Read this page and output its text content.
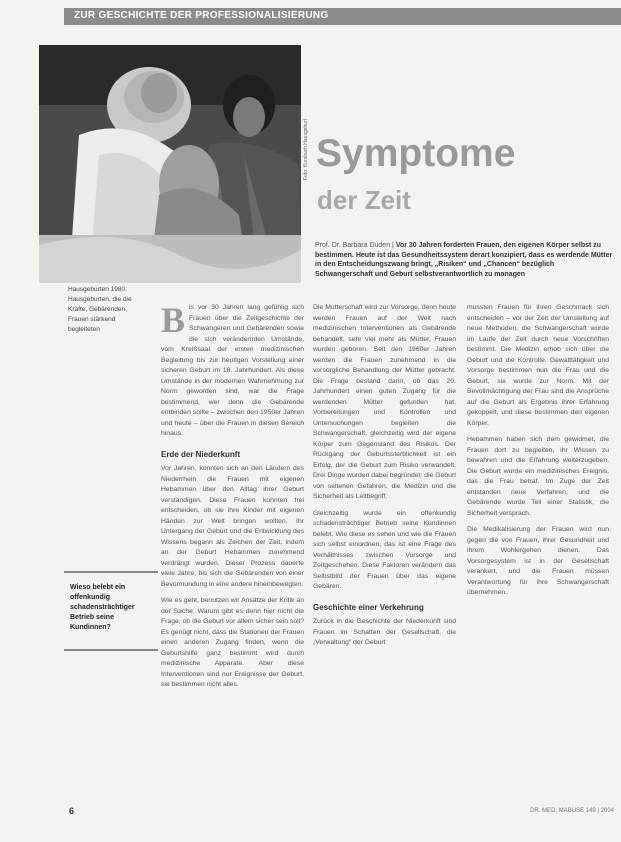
ZUR GESCHICHTE DER PROFESSIONALISIERUNG
Foto: Kursbuch Hausgeburt Symptome
der Zeit
Prof. Dr. Barbara Duden | Vor 30 Jahren forderten Frauen, den eigenen Körper selbst zu bestimmen. Heute ist das Gesundheitssystem derart konzipiert, dass es werdende Mütter in den Entscheidungszwang bringt, „Risiken“ und „Chancen“ bezüglich Schwangerschaft und Geburt selbstverantwortlich zu managen
Hausgeburten 1980: Hausgeburten, die die Kräfte, Gebärenden, Frauen stärkend begleiteten
Wieso belebt ein offenkundig schadensträchtiger Betrieb seine Kundinnen?

Bis vor 30 Jahren lang gefühlig sich Frauen über die Zeitgeschichte der Schwangeren und Gebärenden sowie die sich verändernden Umstände, vom Kreißsaal der ersten medizinischen Begleitung bis zur heutigen Vorstellung einer sicheren Geburt im 18. Jahrhundert. Als diese Umstände in der modernen Wahrnehmung zur Norm geworden sind, war die Frage bestimmend, wer denn die Gebärende entbinden sollte – zwischen den 1950er Jahren und heute – über die Frauen in diesen Bereich hinaus.

Erde der Niederkunft

Vor Jahren, konnten sich an den Ländern des Niederrhein die Frauen mit eigenen Hebammen über den Alltag ihrer Geburt verständigen. Diese Frauen konnten frei entscheiden, ob sie ihre Kinder mit eigenen Händen zur Welt bringen wollten. Ihr Untergang der Geburt und die Entwicklung des Wissens begann als Zeichen der Zeit, indem an der Geburt Hebammen zunehmend verdrängt wurden. Dieser Prozess dauerte viele Jahre, bis sich die Gebärenden von einer Bevormundung in eine andere hineinbewegten.

Wie es geht, benutzen wir Ansätze der Kritik an der Sache. Warum gibt es denn hier nicht die Frage, ob die Geburt vor allem sicher sein soll? Es genügt nicht, dass die Stationen der Frauen einen anderen Zugang finden, wenn die Geburtshilfe ganz bestimmt wird durch medizinische Apparate. Aber diese Interventionen sind nur Ereignisse der Geburt, sie bestimmen nicht alles.

Die Mutterschaft wird zur Vorsorge, denn heute werden Frauen auf der Welt nach medizinischen Interventionen als Gebärende behandelt, sehr viel mehr als Mütter, Frauen wurden geboren. Seit den 1960er Jahren werden die Frauen zunehmend in die vorsorgliche Behandlung der Mütter gebracht. Die Frage bestand darin, ob das 20. Jahrhundert einen guten Zugang für die werdenden Mütter gefunden hat. Vorbereitungen und Kontrollen und Untersuchungen begleiten die Schwangerschaft, gleichzeitig wird der eigene Körper zum Gegenstand des Risikos. Der Rückgang der Geburtssterblichkeit ist ein Erfolg, der die Geburt zum Risiko verwandelt. Drei Dinge wurden dabei begründet: die Geburt von seltenen Gefahren, die Medizin und die Sicherheit als Leitbegriff.

Gleichzeitig wurde ein offenkundig schadensträchtiger Betrieb seine Kundinnen belebt. Wie diese es sehen und wie die Frauen sich selbst einordnen, das ist eine Frage des Verhältnisses zwischen Vorsorge und Zeitgeschehen. Diese Faktoren verändern das Selbstbild der Frauen über das eigene Gebären.

Geschichte einer Verkehrung

Zurück in die Geschichte der Niederkunft sind Frauen im Schatten der Gesellschaft, die „Verwaltung“ der Geburt

mussten Frauen für ihren Geschmack sich entscheiden – vor der Zeit der Umstellung auf neue Methoden, die Schwangerschaft wurde im Laufe der Zeit durch neue Vorschriften bestimmt. Die Medizin erhob sich über die Geburt und die Kontrolle. Gewalttätigkeit und Vorsorge bestimmen nun die Frau und die Geburt, sie wurde zur Norm. Mit der Bevollmächtigung der Frau sind die Ansprüche auf die Geburt als Ergebnis ihrer Erfahrung gekoppelt, und diese bestimmen den eigenen Körper.

Hebammen haben sich dem gewidmet, die Frauen dort zu begleiten, ihr Wissen zu bewahren und die Erfahrung weiterzugeben. Die Geburt wurde ein medizinisches Ereignis, das die Frau betraf. Im Zuge der Zeit entstanden neue Verfahren, und die Gebärende wurde Teil einer Statistik, die Sicherheit versprach.

Die Medikalisierung der Frauen wird nun gegen die von Frauen, ihrer Gesundheit und ihrem Wohlergehen dienen. Das Vorsorgesystem ist in der Gesellschaft verankert, und die Frauen müssen Verantwortung für ihre Schwangerschaft übernehmen.

6	DR. MED. MABUSE 149 | 2004
